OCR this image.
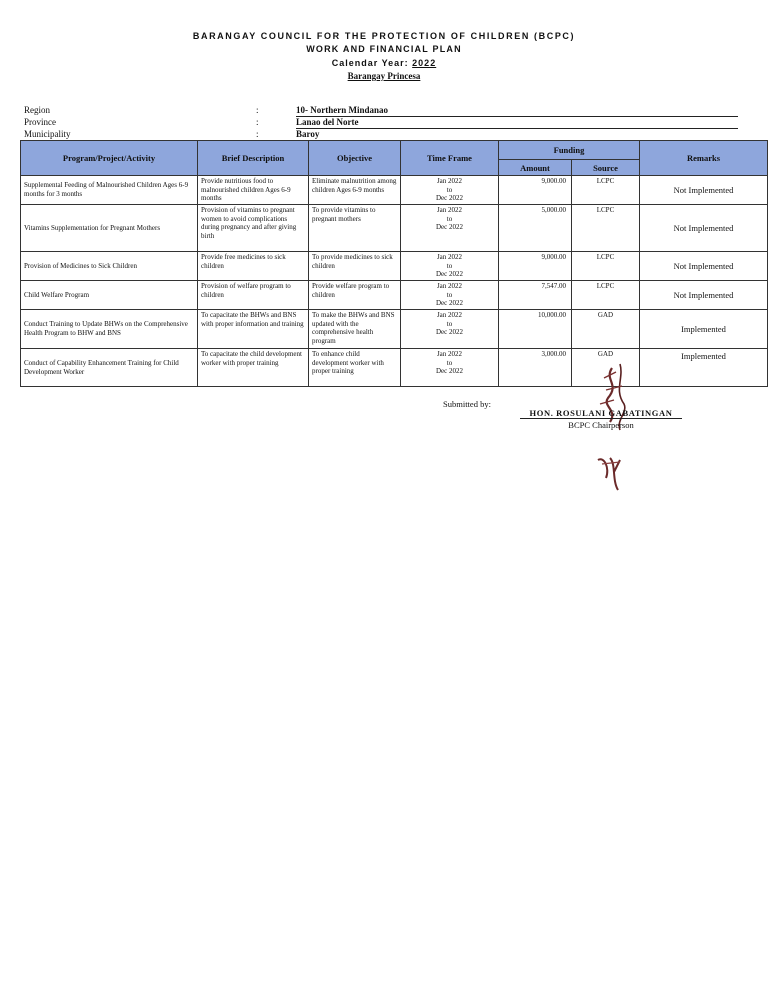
BARANGAY COUNCIL FOR THE PROTECTION OF CHILDREN (BCPC)
WORK AND FINANCIAL PLAN
Calendar Year: 2022
Barangay Princesa
Region	:	10- Northern Mindanao
Province	:	Lanao del Norte
Municipality	:	Baroy
Program/Project/Activity	Brief Description	Objective	Time Frame	Funding		Remarks
				Amount	Source	
Supplemental Feeding of Malnourished Children Ages 6-9 months for 3 months	Provide nutritious food to malnourished children Ages 6-9 months	Eliminate malnutrition among children Ages 6-9 months	Jan 2022
to
Dec 2022	9,000.00	LCPC	Not Implemented
Vitamins Supplementation for Pregnant Mothers	Provision of vitamins to pregnant women to avoid complications during pregnancy and after giving birth	To provide vitamins to pregnant mothers	Jan 2022
to
Dec 2022	5,000.00	LCPC	Not Implemented
Provision of Medicines to Sick Children	Provide free medicines to sick children	To provide medicines to sick children	Jan 2022
to
Dec 2022	9,000.00	LCPC	Not Implemented
Child Welfare Program	Provision of welfare program to children	Provide welfare program to children	Jan 2022
to
Dec 2022	7,547.00	LCPC	Not Implemented
Conduct Training to Update BHWs on the Comprehensive Health Program to BHW and BNS	To capacitate the BHWs and BNS with proper information and training	To make the BHWs and BNS updated with the comprehensive health program	Jan 2022
to
Dec 2022	10,000.00	GAD	Implemented
Conduct of Capability Enhancement Training for Child Development Worker	To capacitate the child development worker with proper training	To enhance child development worker with proper training	Jan 2022
to
Dec 2022	3,000.00	GAD	Implemented
Submitted by:
HON. ROSULANI GABATINGAN
BCPC Chairperson
